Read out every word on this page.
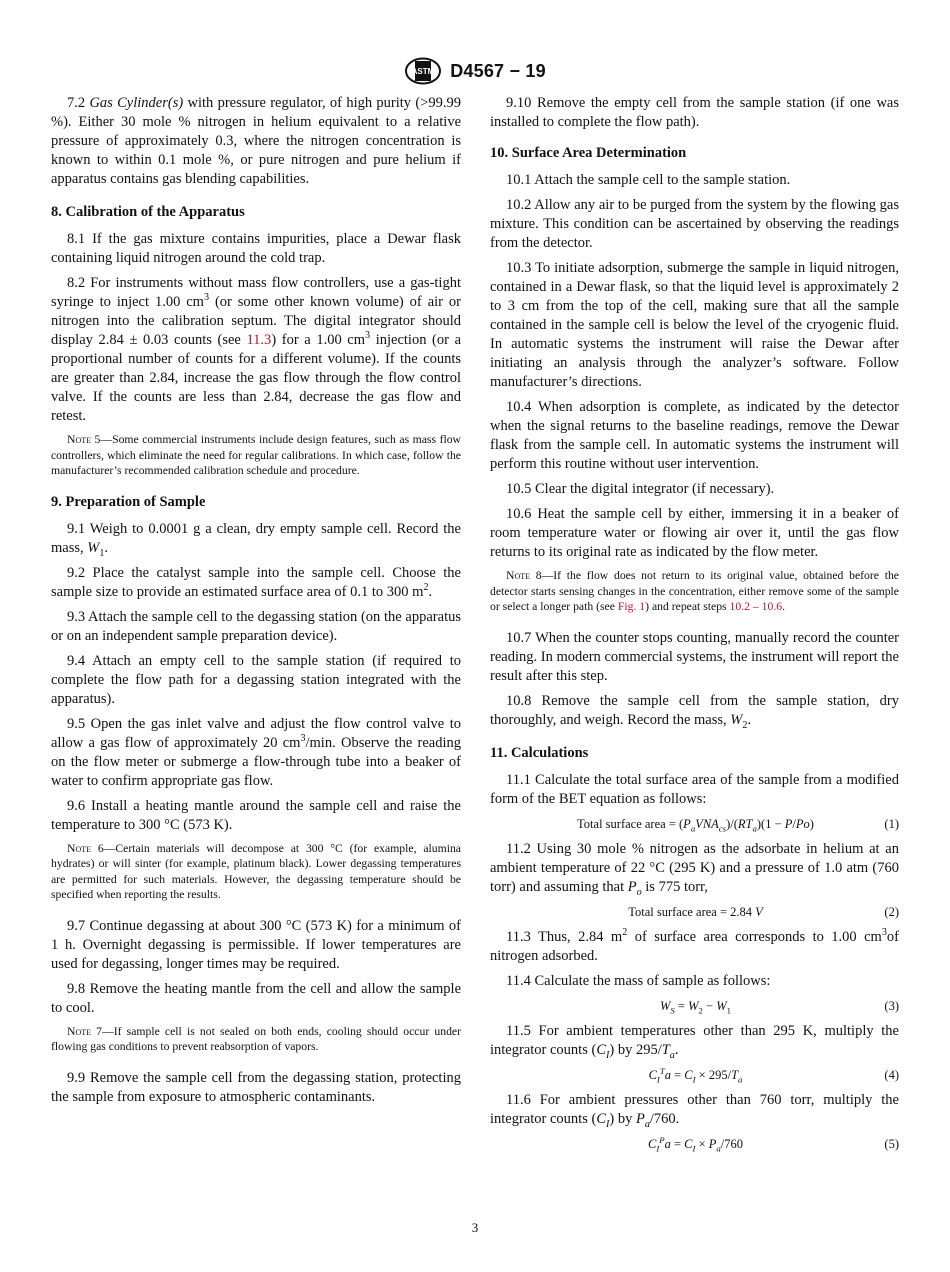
ASTM D4567 − 19

7.2 Gas Cylinder(s) with pressure regulator, of high purity (>99.99 %). Either 30 mole % nitrogen in helium equivalent to a relative pressure of approximately 0.3, where the nitrogen concentration is known to within 0.1 mole %, or pure nitrogen and pure helium if apparatus contains gas blending capabilities.

8. Calibration of the Apparatus

8.1 If the gas mixture contains impurities, place a Dewar flask containing liquid nitrogen around the cold trap.

8.2 For instruments without mass flow controllers, use a gas-tight syringe to inject 1.00 $cm^3$ (or some other known volume) of air or nitrogen into the calibration septum. The digital integrator should display 2.84 ± 0.03 counts (see 11.3) for a 1.00 $cm^3$ injection (or a proportional number of counts for a different volume). If the counts are greater than 2.84, increase the gas flow through the flow control valve. If the counts are less than 2.84, decrease the gas flow and retest.

Note 5—Some commercial instruments include design features, such as mass flow controllers, which eliminate the need for regular calibrations. In which case, follow the manufacturer’s recommended calibration schedule and procedure.

9. Preparation of Sample

9.1 Weigh to 0.0001 g a clean, dry empty sample cell. Record the mass, $W_1$.

9.2 Place the catalyst sample into the sample cell. Choose the sample size to provide an estimated surface area of 0.1 to 300 $m^2$.

9.3 Attach the sample cell to the degassing station (on the apparatus or on an independent sample preparation device).

9.4 Attach an empty cell to the sample station (if required to complete the flow path for a degassing station integrated with the apparatus).

9.5 Open the gas inlet valve and adjust the flow control valve to allow a gas flow of approximately 20 $cm^3/\min$. Observe the reading on the flow meter or submerge a flow-through tube into a beaker of water to confirm appropriate gas flow.

9.6 Install a heating mantle around the sample cell and raise the temperature to 300 °C (573 K).

Note 6—Certain materials will decompose at 300 °C (for example, alumina hydrates) or will sinter (for example, platinum black). Lower degassing temperatures are permitted for such materials. However, the degassing temperature should be specified when reporting the results.

9.7 Continue degassing at about 300 °C (573 K) for a minimum of 1 h. Overnight degassing is permissible. If lower temperatures are used for degassing, longer times may be required.

9.8 Remove the heating mantle from the cell and allow the sample to cool.

Note 7—If sample cell is not sealed on both ends, cooling should occur under flowing gas conditions to prevent reabsorption of vapors.

9.9 Remove the sample cell from the degassing station, protecting the sample from exposure to atmospheric contaminants.

9.10 Remove the empty cell from the sample station (if one was installed to complete the flow path).

10. Surface Area Determination

10.1 Attach the sample cell to the sample station.

10.2 Allow any air to be purged from the system by the flowing gas mixture. This condition can be ascertained by observing the readings from the detector.

10.3 To initiate adsorption, submerge the sample in liquid nitrogen, contained in a Dewar flask, so that the liquid level is approximately 2 to 3 cm from the top of the cell, making sure that all the sample contained in the sample cell is below the level of the cryogenic fluid. In automatic systems the instrument will raise the Dewar after initiating an analysis through the analyzer’s software. Follow manufacturer’s directions.

10.4 When adsorption is complete, as indicated by the detector when the signal returns to the baseline readings, remove the Dewar flask from the sample cell. In automatic systems the instrument will perform this routine without user intervention.

10.5 Clear the digital integrator (if necessary).

10.6 Heat the sample cell by either, immersing it in a beaker of room temperature water or flowing air over it, until the gas flow returns to its original rate as indicated by the flow meter.

Note 8—If the flow does not return to its original value, obtained before the detector starts sensing changes in the concentration, either remove some of the sample or select a longer path (see Fig. 1) and repeat steps 10.2 – 10.6.

10.7 When the counter stops counting, manually record the counter reading. In modern commercial systems, the instrument will report the result after this step.

10.8 Remove the sample cell from the sample station, dry thoroughly, and weigh. Record the mass, $W_2$.

11. Calculations

11.1 Calculate the total surface area of the sample from a modified form of the BET equation as follows:

Total surface area = $(P_aVNA_{cs})/(RT_a)(1 - P/Po)$	(1)

11.2 Using 30 mole % nitrogen as the adsorbate in helium at an ambient temperature of 22 °C (295 K) and a pressure of 1.0 atm (760 torr) and assuming that $P_o$ is 775 torr,

Total surface area = 2.84 V	(2)

11.3 Thus, 2.84 $m^2$ of surface area corresponds to 1.00 $cm^3of$ nitrogen adsorbed.

11.4 Calculate the mass of sample as follows:

$W_S = W_2 - W_1$	(3)

11.5 For ambient temperatures other than 295 K, multiply the integrator counts $(C_I)$ by $295/T_a$.

$C_I^Ta = C_I \times 295/T_a$	(4)

11.6 For ambient pressures other than 760 torr, multiply the integrator counts $(C_I)$ by $P_a/760$.

$C_I^Pa = C_I \times P_a/760$	(5)
3
